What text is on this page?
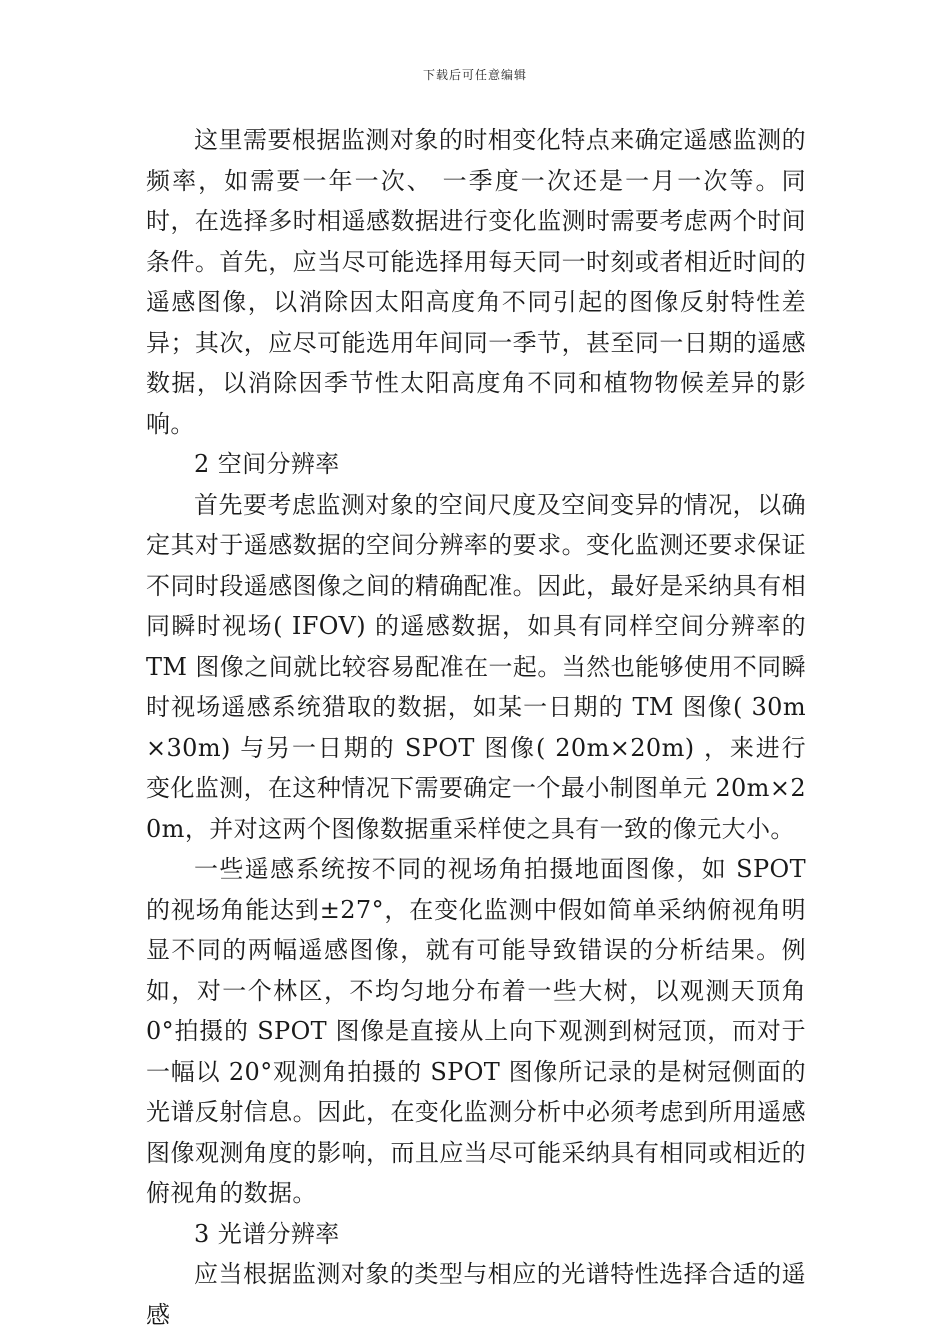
下载后可任意编辑

这里需要根据监测对象的时相变化特点来确定遥感监测的频率，如需要一年一次、 一季度一次还是一月一次等。同时，在选择多时相遥感数据进行变化监测时需要考虑两个时间条件。首先，应当尽可能选择用每天同一时刻或者相近时间的遥感图像，以消除因太阳高度角不同引起的图像反射特性差异；其次，应尽可能选用年间同一季节，甚至同一日期的遥感数据，以消除因季节性太阳高度角不同和植物物候差异的影响。

2 空间分辨率

首先要考虑监测对象的空间尺度及空间变异的情况，以确定其对于遥感数据的空间分辨率的要求。变化监测还要求保证不同时段遥感图像之间的精确配准。因此，最好是采纳具有相同瞬时视场( IFOV) 的遥感数据，如具有同样空间分辨率的 TM 图像之间就比较容易配准在一起。当然也能够使用不同瞬时视场遥感系统猎取的数据，如某一日期的 TM 图像( 30m×30m) 与另一日期的 SPOT 图像( 20m×20m) ，来进行变化监测，在这种情况下需要确定一个最小制图单元 20m×20m，并对这两个图像数据重采样使之具有一致的像元大小。

一些遥感系统按不同的视场角拍摄地面图像，如 SPOT 的视场角能达到±27°，在变化监测中假如简单采纳俯视角明显不同的两幅遥感图像，就有可能导致错误的分析结果。例如，对一个林区，不均匀地分布着一些大树，以观测天顶角 0°拍摄的 SPOT 图像是直接从上向下观测到树冠顶，而对于一幅以 20°观测角拍摄的 SPOT 图像所记录的是树冠侧面的光谱反射信息。因此，在变化监测分析中必须考虑到所用遥感图像观测角度的影响，而且应当尽可能采纳具有相同或相近的俯视角的数据。

3 光谱分辨率

应当根据监测对象的类型与相应的光谱特性选择合适的遥感
